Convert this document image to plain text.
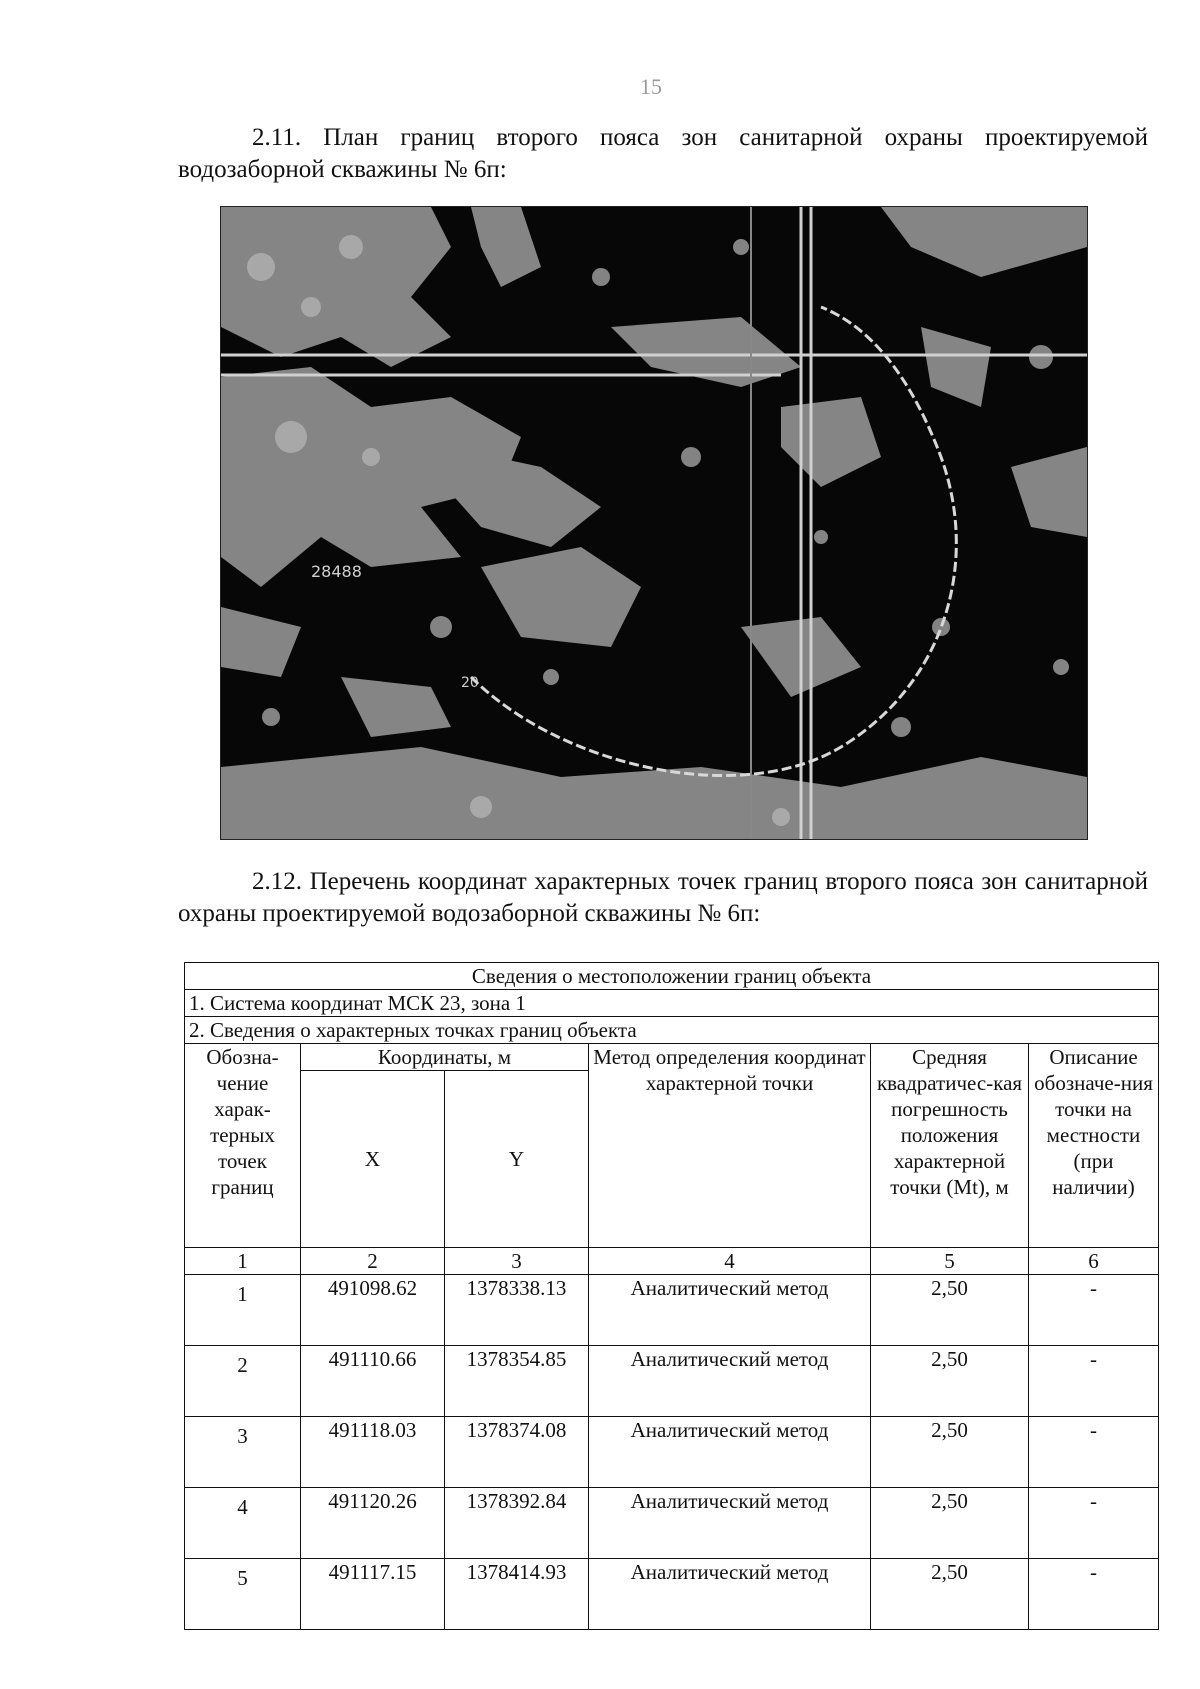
15

2.11. План границ второго пояса зон санитарной охраны проектируемой водозаборной скважины № 6п:

28488
20

2.12. Перечень координат характерных точек границ второго пояса зон санитарной охраны проектируемой водозаборной скважины № 6п:

Сведения о местоположении границ объекта					
1. Система координат МСК 23, зона 1					
2. Сведения о характерных точках границ объекта					
Обозна-чение харак-терных точек границ	Координаты, м		Метод определения координат характерной точки	Средняя квадратичес-кая погрешность положения характерной точки (Mt), м	Описание обозначе-ния точки на местности (при наличии)
	X	Y			
1	2	3	4	5	6
1	491098.62	1378338.13	Аналитический метод	2,50	-
2	491110.66	1378354.85	Аналитический метод	2,50	-
3	491118.03	1378374.08	Аналитический метод	2,50	-
4	491120.26	1378392.84	Аналитический метод	2,50	-
5	491117.15	1378414.93	Аналитический метод	2,50	-
